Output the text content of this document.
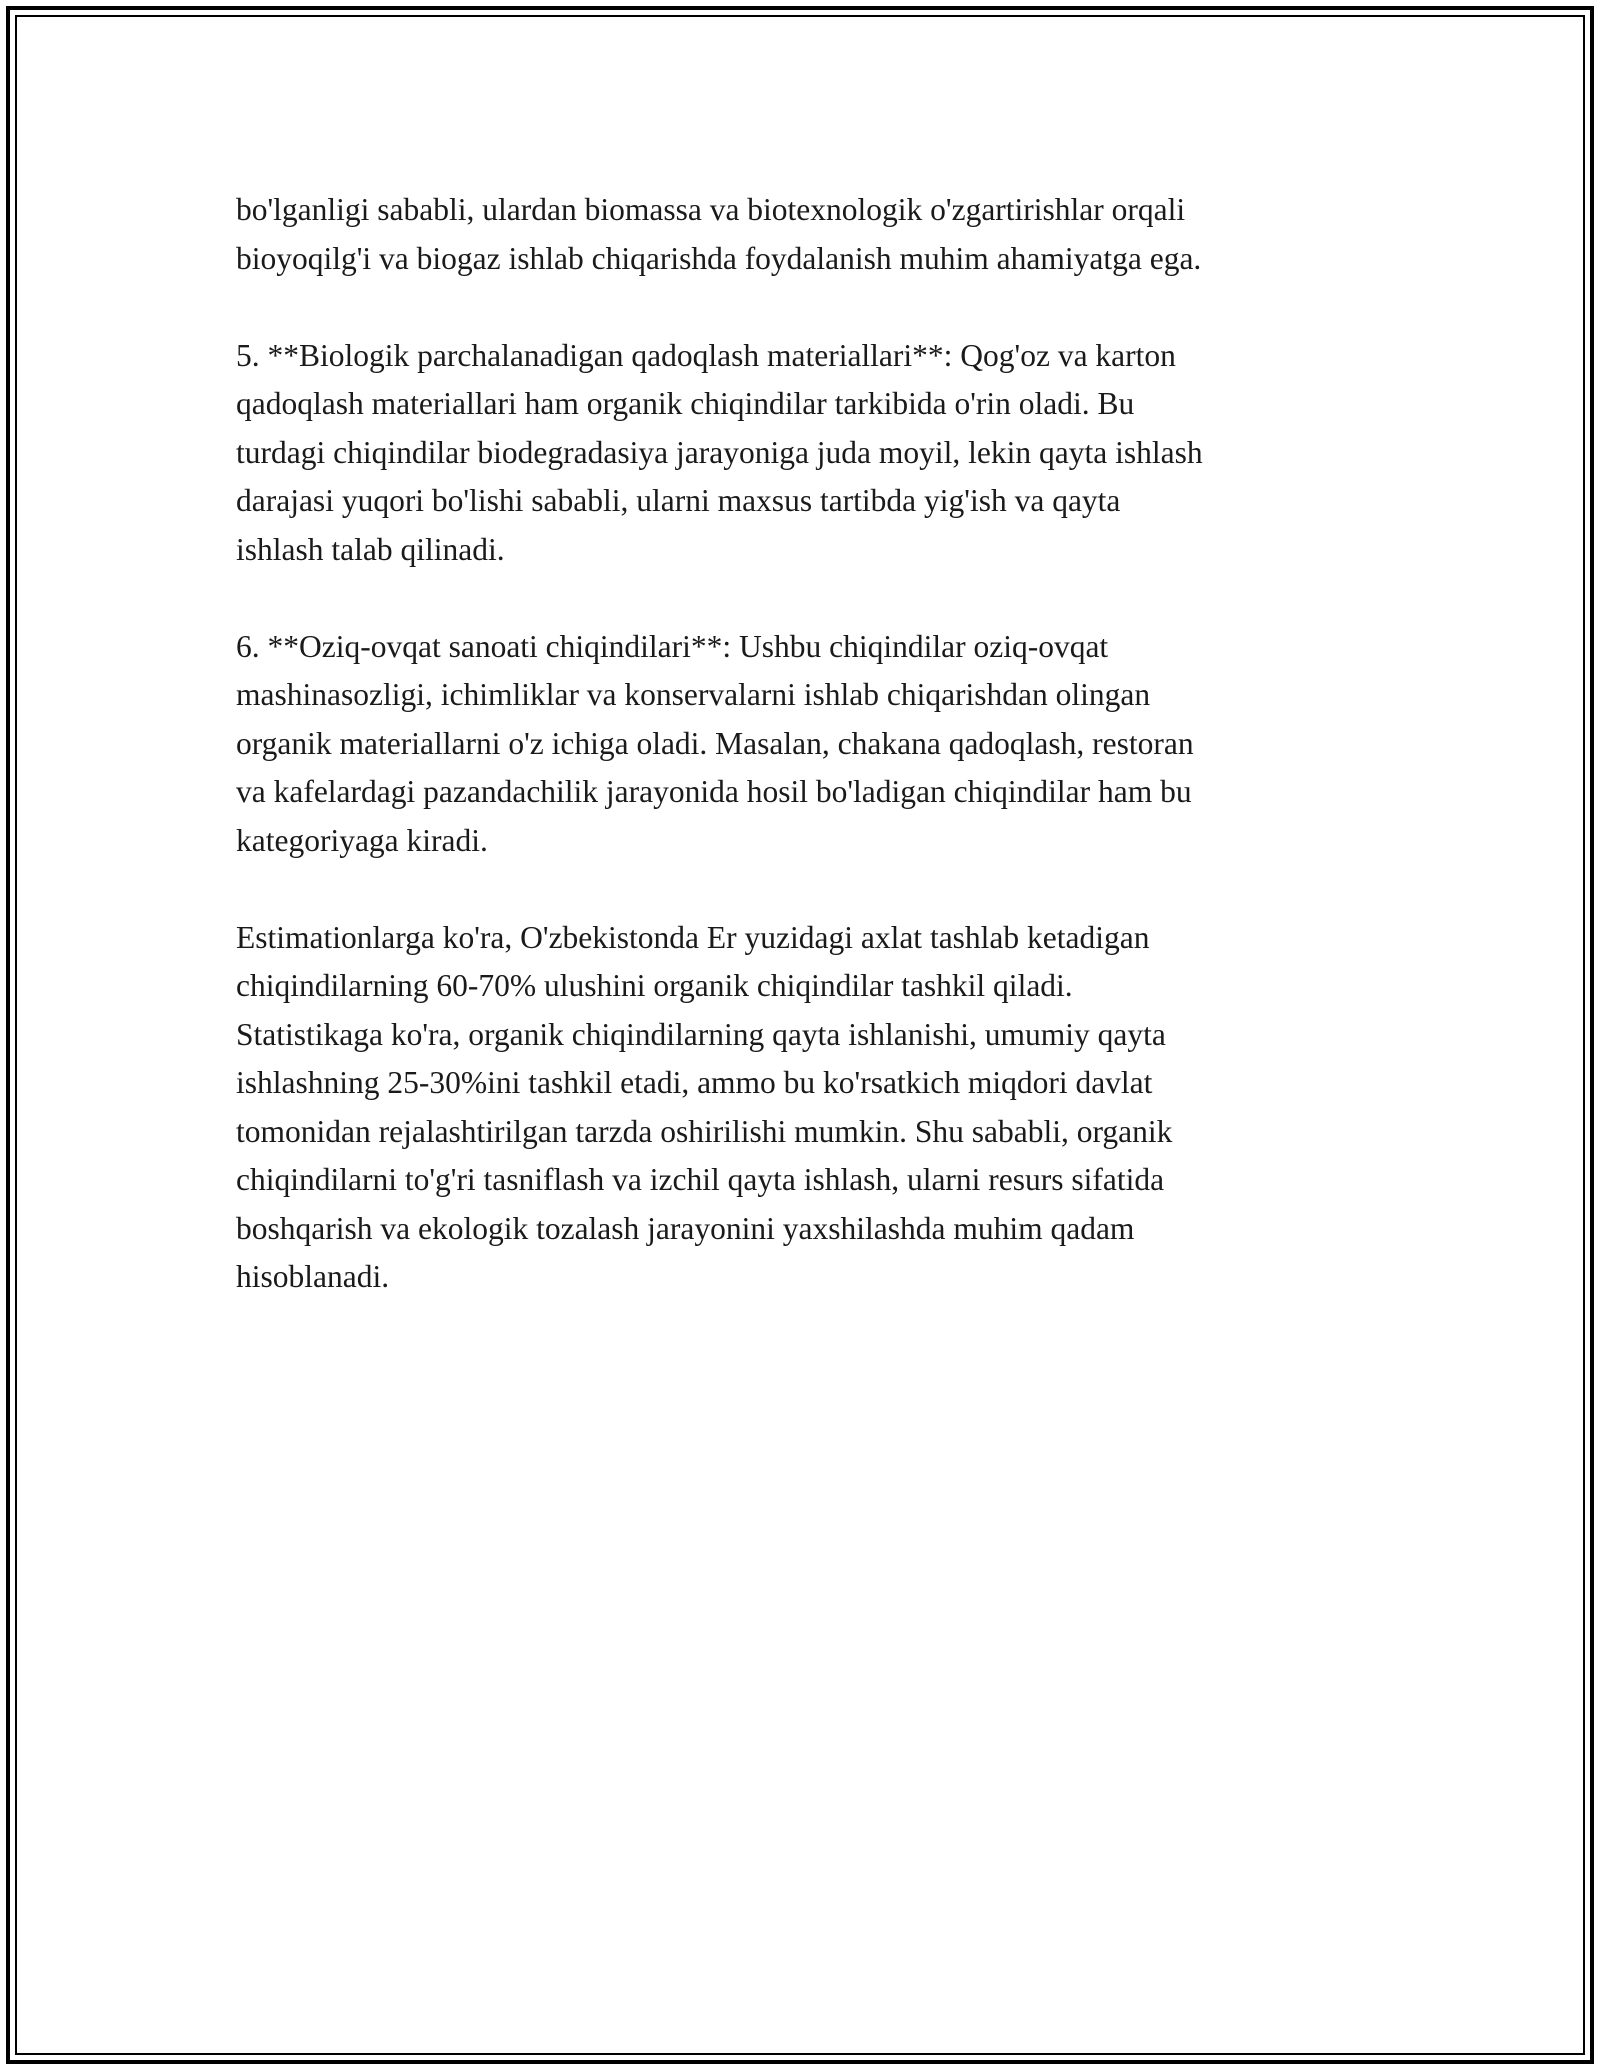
bo'lganligi sababli, ulardan biomassa va biotexnologik o'zgartirishlar orqali
bioyoqilg'i va biogaz ishlab chiqarishda foydalanish muhim ahamiyatga ega.

5. **Biologik parchalanadigan qadoqlash materiallari**: Qog'oz va karton
qadoqlash materiallari ham organik chiqindilar tarkibida o'rin oladi. Bu
turdagi chiqindilar biodegradasiya jarayoniga juda moyil, lekin qayta ishlash
darajasi yuqori bo'lishi sababli, ularni maxsus tartibda yig'ish va qayta
ishlash talab qilinadi.

6. **Oziq-ovqat sanoati chiqindilari**: Ushbu chiqindilar oziq-ovqat
mashinasozligi, ichimliklar va konservalarni ishlab chiqarishdan olingan
organik materiallarni o'z ichiga oladi. Masalan, chakana qadoqlash, restoran
va kafelardagi pazandachilik jarayonida hosil bo'ladigan chiqindilar ham bu
kategoriyaga kiradi.

Estimationlarga ko'ra, O'zbekistonda Er yuzidagi axlat tashlab ketadigan
chiqindilarning 60-70% ulushini organik chiqindilar tashkil qiladi.
Statistikaga ko'ra, organik chiqindilarning qayta ishlanishi, umumiy qayta
ishlashning 25-30%ini tashkil etadi, ammo bu ko'rsatkich miqdori davlat
tomonidan rejalashtirilgan tarzda oshirilishi mumkin. Shu sababli, organik
chiqindilarni to'g'ri tasniflash va izchil qayta ishlash, ularni resurs sifatida
boshqarish va ekologik tozalash jarayonini yaxshilashda muhim qadam
hisoblanadi.
